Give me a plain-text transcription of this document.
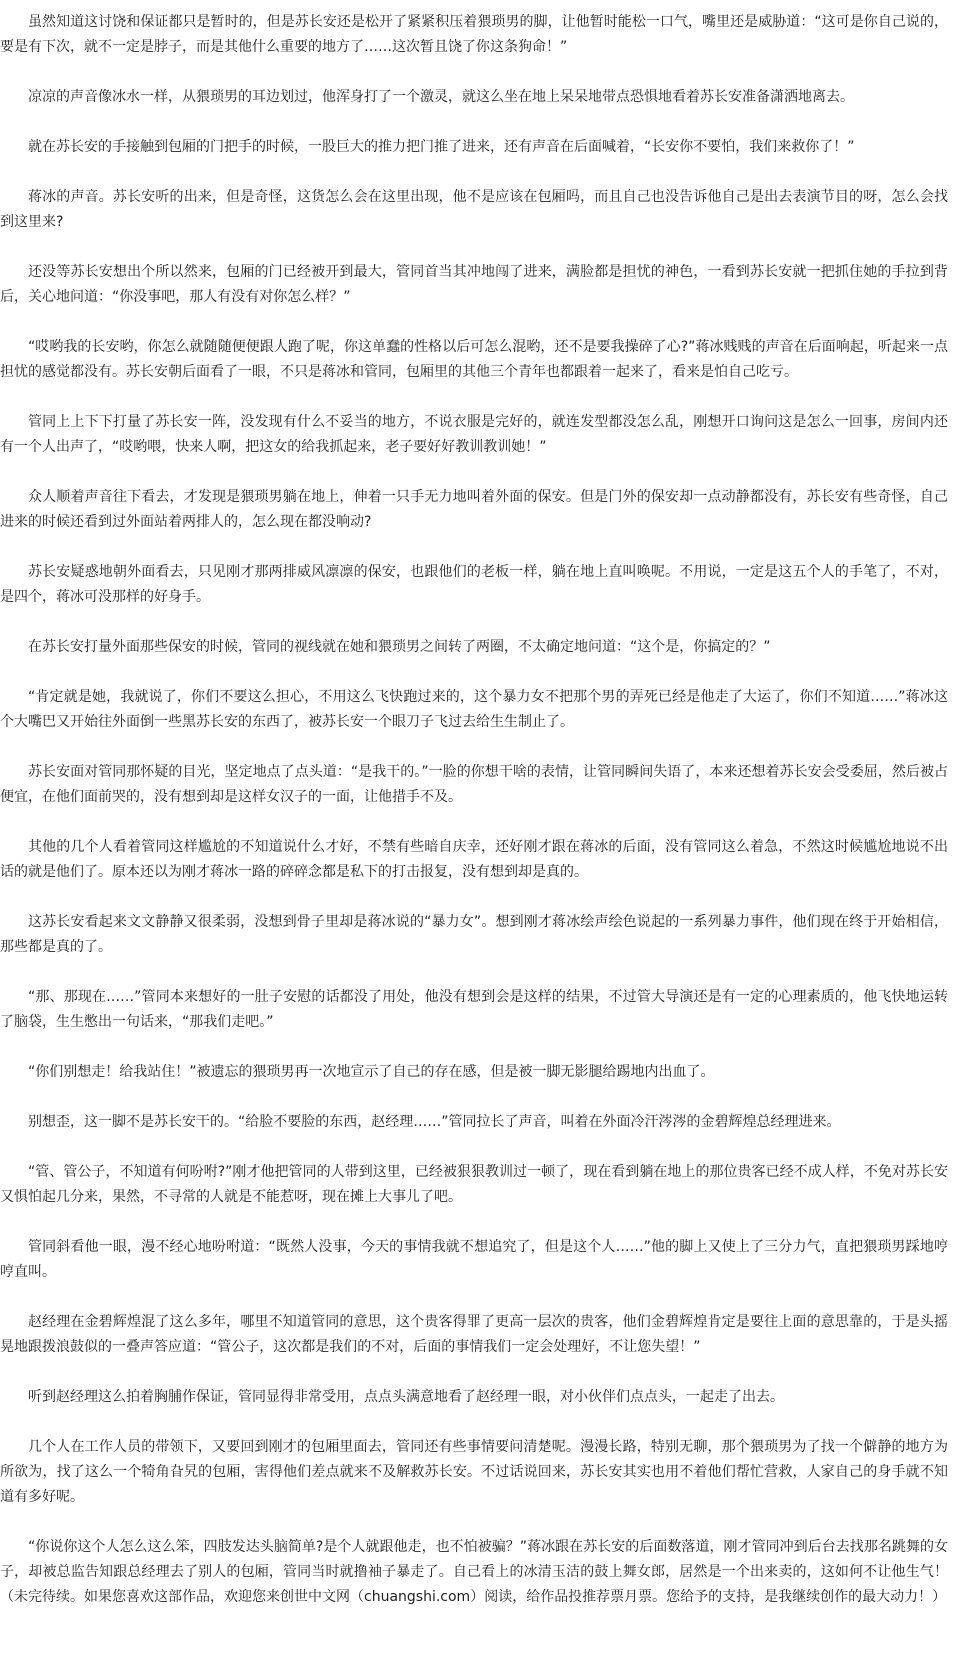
虽然知道这讨饶和保证都只是暂时的，但是苏长安还是松开了紧紧积压着猥琐男的脚，让他暂时能松一口气，嘴里还是威胁道：“这可是你自己说的，要是有下次，就不一定是脖子，而是其他什么重要的地方了……这次暂且饶了你这条狗命！”

凉凉的声音像冰水一样，从猥琐男的耳边划过，他浑身打了一个激灵，就这么坐在地上呆呆地带点恐惧地看着苏长安准备潇洒地离去。

就在苏长安的手接触到包厢的门把手的时候，一股巨大的推力把门推了进来，还有声音在后面喊着，“长安你不要怕，我们来救你了！”

蒋冰的声音。苏长安听的出来，但是奇怪，这货怎么会在这里出现，他不是应该在包厢吗，而且自己也没告诉他自己是出去表演节目的呀，怎么会找到这里来?

还没等苏长安想出个所以然来，包厢的门已经被开到最大，管同首当其冲地闯了进来，满脸都是担忧的神色，一看到苏长安就一把抓住她的手拉到背后，关心地问道：“你没事吧，那人有没有对你怎么样？”

“哎哟我的长安哟，你怎么就随随便便跟人跑了呢，你这单蠢的性格以后可怎么混哟，还不是要我操碎了心?”蒋冰贱贱的声音在后面响起，听起来一点担忧的感觉都没有。苏长安朝后面看了一眼，不只是蒋冰和管同，包厢里的其他三个青年也都跟着一起来了，看来是怕自己吃亏。

管同上上下下打量了苏长安一阵，没发现有什么不妥当的地方，不说衣服是完好的，就连发型都没怎么乱，刚想开口询问这是怎么一回事，房间内还有一个人出声了，“哎哟喂，快来人啊，把这女的给我抓起来，老子要好好教训教训她！”

众人顺着声音往下看去，才发现是猥琐男躺在地上，伸着一只手无力地叫着外面的保安。但是门外的保安却一点动静都没有，苏长安有些奇怪，自己进来的时候还看到过外面站着两排人的，怎么现在都没响动?

苏长安疑惑地朝外面看去，只见刚才那两排威风凛凛的保安，也跟他们的老板一样，躺在地上直叫唤呢。不用说，一定是这五个人的手笔了，不对，是四个，蒋冰可没那样的好身手。

在苏长安打量外面那些保安的时候，管同的视线就在她和猥琐男之间转了两圈，不太确定地问道：“这个是，你搞定的？”

“肯定就是她，我就说了，你们不要这么担心，不用这么飞快跑过来的，这个暴力女不把那个男的弄死已经是他走了大运了，你们不知道……”蒋冰这个大嘴巴又开始往外面倒一些黑苏长安的东西了，被苏长安一个眼刀子飞过去给生生制止了。

苏长安面对管同那怀疑的目光，坚定地点了点头道：“是我干的。”一脸的你想干啥的表情，让管同瞬间失语了，本来还想着苏长安会受委屈，然后被占便宜，在他们面前哭的，没有想到却是这样女汉子的一面，让他措手不及。

其他的几个人看着管同这样尴尬的不知道说什么才好，不禁有些暗自庆幸，还好刚才跟在蒋冰的后面，没有管同这么着急，不然这时候尴尬地说不出话的就是他们了。原本还以为刚才蒋冰一路的碎碎念都是私下的打击报复，没有想到却是真的。

这苏长安看起来文文静静又很柔弱，没想到骨子里却是蒋冰说的“暴力女”。想到刚才蒋冰绘声绘色说起的一系列暴力事件，他们现在终于开始相信，那些都是真的了。

“那、那现在……”管同本来想好的一肚子安慰的话都没了用处，他没有想到会是这样的结果，不过管大导演还是有一定的心理素质的，他飞快地运转了脑袋，生生憋出一句话来，“那我们走吧。”

“你们别想走！给我站住！”被遗忘的猥琐男再一次地宣示了自己的存在感，但是被一脚无影腿给踢地内出血了。

别想歪，这一脚不是苏长安干的。“给脸不要脸的东西，赵经理……”管同拉长了声音，叫着在外面冷汗涔涔的金碧辉煌总经理进来。

“管、管公子，不知道有何吩咐?”刚才他把管同的人带到这里，已经被狠狠教训过一顿了，现在看到躺在地上的那位贵客已经不成人样，不免对苏长安又惧怕起几分来，果然，不寻常的人就是不能惹呀，现在摊上大事儿了吧。

管同斜看他一眼，漫不经心地吩咐道：“既然人没事，今天的事情我就不想追究了，但是这个人……”他的脚上又使上了三分力气，直把猥琐男踩地哼哼直叫。

赵经理在金碧辉煌混了这么多年，哪里不知道管同的意思，这个贵客得罪了更高一层次的贵客，他们金碧辉煌肯定是要往上面的意思靠的，于是头摇晃地跟拨浪鼓似的一叠声答应道：“管公子，这次都是我们的不对，后面的事情我们一定会处理好，不让您失望！”

听到赵经理这么拍着胸脯作保证，管同显得非常受用，点点头满意地看了赵经理一眼，对小伙伴们点点头，一起走了出去。

几个人在工作人员的带领下，又要回到刚才的包厢里面去，管同还有些事情要问清楚呢。漫漫长路，特别无聊，那个猥琐男为了找一个僻静的地方为所欲为，找了这么一个犄角旮旯的包厢，害得他们差点就来不及解救苏长安。不过话说回来，苏长安其实也用不着他们帮忙营救，人家自己的身手就不知道有多好呢。

“你说你这个人怎么这么笨，四肢发达头脑简单?是个人就跟他走，也不怕被骗？”蒋冰跟在苏长安的后面数落道，刚才管同冲到后台去找那名跳舞的女子，却被总监告知跟总经理去了别人的包厢，管同当时就撸袖子暴走了。自己看上的冰清玉洁的鼓上舞女郎，居然是一个出来卖的，这如何不让他生气！（未完待续。如果您喜欢这部作品，欢迎您来创世中文网（chuangshi.com）阅读，给作品投推荐票月票。您给予的支持，是我继续创作的最大动力！）
